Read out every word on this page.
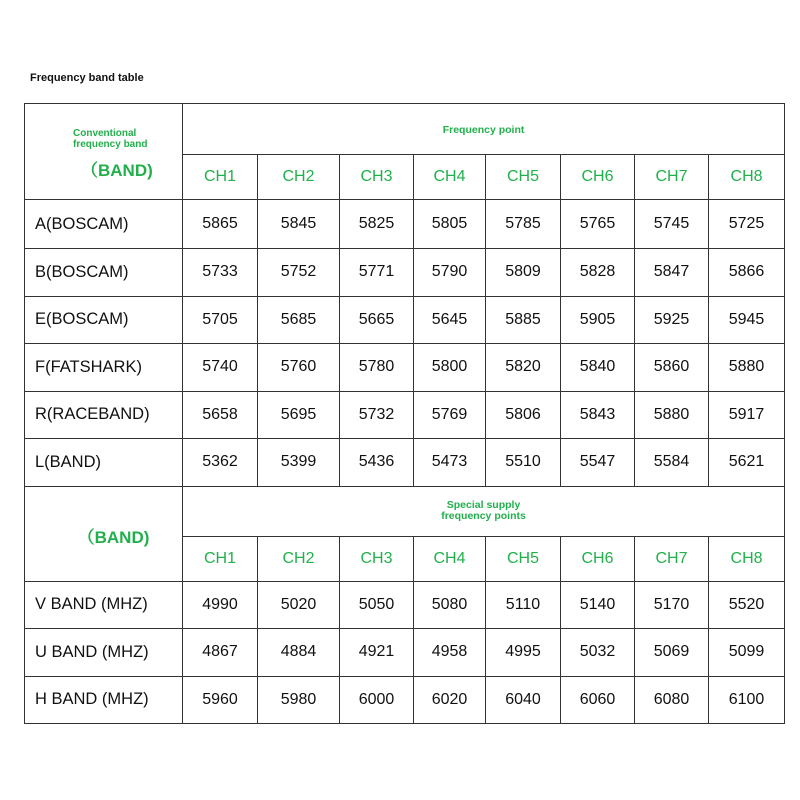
Frequency band table
Conventional
frequency band
（BAND)	Frequency point							
	CH1	CH2	CH3	CH4	CH5	CH6	CH7	CH8
A(BOSCAM)	5865	5845	5825	5805	5785	5765	5745	5725
B(BOSCAM)	5733	5752	5771	5790	5809	5828	5847	5866
E(BOSCAM)	5705	5685	5665	5645	5885	5905	5925	5945
F(FATSHARK)	5740	5760	5780	5800	5820	5840	5860	5880
R(RACEBAND)	5658	5695	5732	5769	5806	5843	5880	5917
L(BAND)	5362	5399	5436	5473	5510	5547	5584	5621
（BAND)	Special supply
frequency points							

	CH1	CH2	CH3	CH4	CH5	CH6	CH7	CH8
V BAND (MHZ)	4990	5020	5050	5080	5110	5140	5170	5520
U BAND (MHZ)	4867	4884	4921	4958	4995	5032	5069	5099
H BAND (MHZ)	5960	5980	6000	6020	6040	6060	6080	6100
